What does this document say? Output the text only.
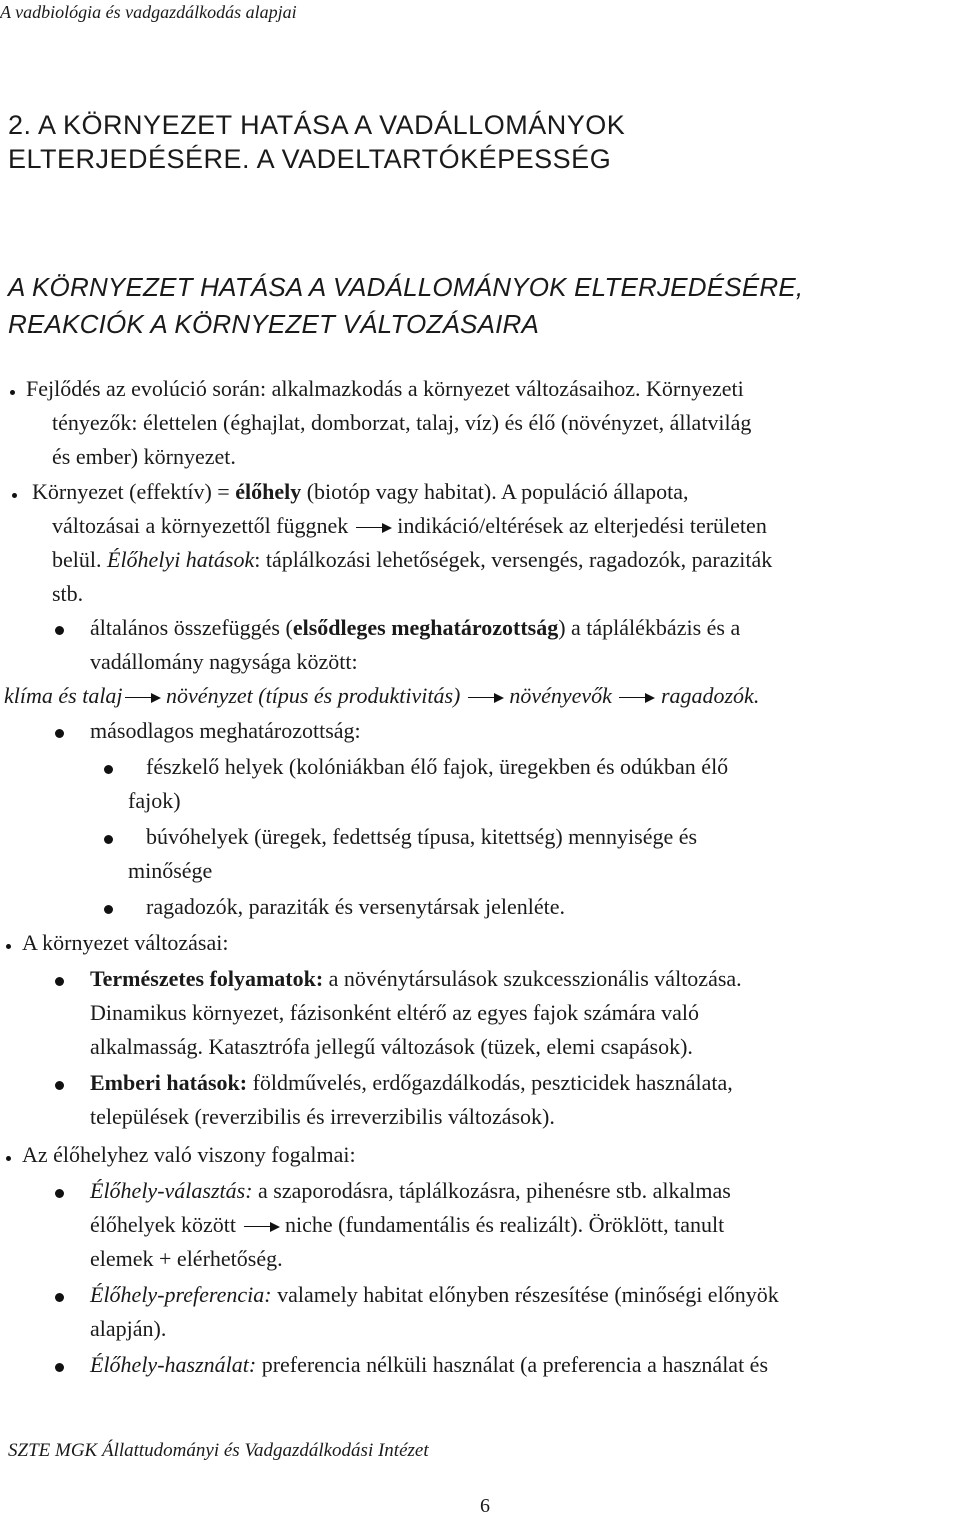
A vadbiológia és vadgazdálkodás alapjai
2. A KÖRNYEZET HATÁSA A VADÁLLOMÁNYOK
ELTERJEDÉSÉRE. A VADELTARTÓKÉPESSÉG
A KÖRNYEZET HATÁSA A VADÁLLOMÁNYOK ELTERJEDÉSÉRE,
REAKCIÓK A KÖRNYEZET VÁLTOZÁSAIRA
Fejlődés az evolúció során: alkalmazkodás a környezet változásaihoz. Környezeti
tényezők: élettelen (éghajlat, domborzat, talaj, víz) és élő (növényzet, állatvilág
és ember) környezet.
Környezet (effektív) = élőhely (biotóp vagy habitat). A populáció állapota,
változásai a környezettől függnek indikáció/eltérések az elterjedési területen
belül. Élőhelyi hatások: táplálkozási lehetőségek, versengés, ragadozók, paraziták
stb.
általános összefüggés (elsődleges meghatározottság) a táplálékbázis és a
vadállomány nagysága között:
klíma és talaj növényzet (típus és produktivitás) növényevők ragadozók.
másodlagos meghatározottság:
fészkelő helyek (kolóniákban élő fajok, üregekben és odúkban élő
fajok)
búvóhelyek (üregek, fedettség típusa, kitettség) mennyisége és
minősége
ragadozók, paraziták és versenytársak jelenléte.
A környezet változásai:
Természetes folyamatok: a növénytársulások szukcesszionális változása.
Dinamikus környezet, fázisonként eltérő az egyes fajok számára való
alkalmasság. Katasztrófa jellegű változások (tüzek, elemi csapások).
Emberi hatások: földművelés, erdőgazdálkodás, peszticidek használata,
települések (reverzibilis és irreverzibilis változások).
Az élőhelyhez való viszony fogalmai:
Élőhely-választás: a szaporodásra, táplálkozásra, pihenésre stb. alkalmas
élőhelyek között niche (fundamentális és realizált). Öröklött, tanult
elemek + elérhetőség.
Élőhely-preferencia: valamely habitat előnyben részesítése (minőségi előnyök
alapján).
Élőhely-használat: preferencia nélküli használat (a preferencia a használat és
SZTE MGK Állattudományi és Vadgazdálkodási Intézet
6
